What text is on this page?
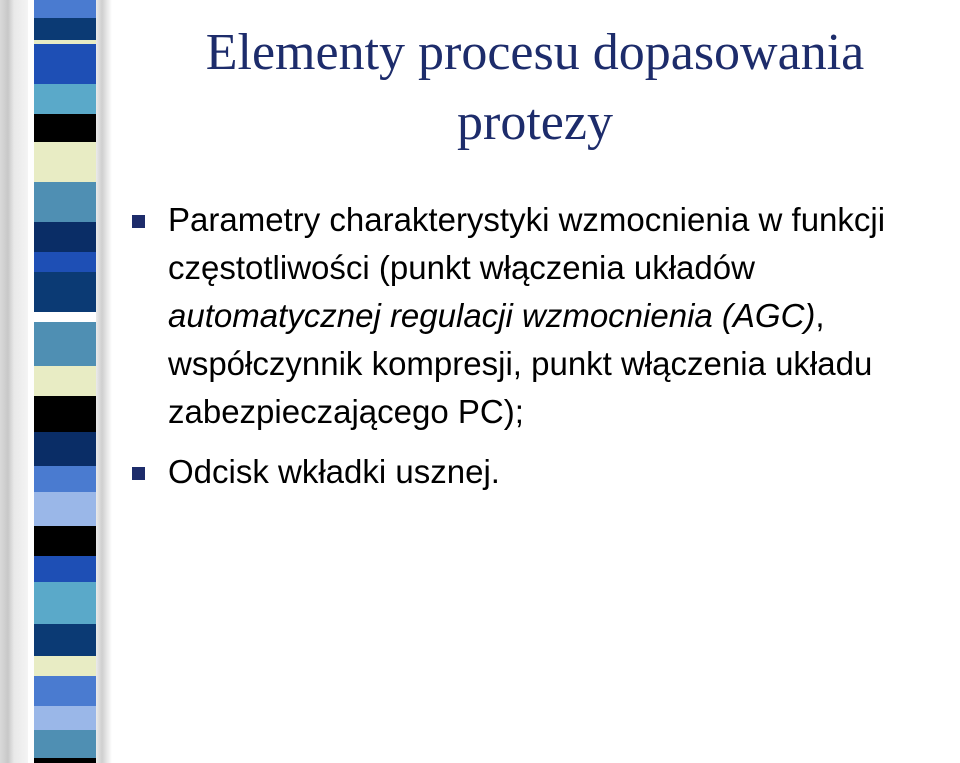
Elementy procesu dopasowania
protezy
Parametry charakterystyki wzmocnienia w funkcji częstotliwości (punkt włączenia układów automatycznej regulacji wzmocnienia (AGC), współczynnik kompresji, punkt włączenia układu zabezpieczającego PC);
Odcisk wkładki usznej.
